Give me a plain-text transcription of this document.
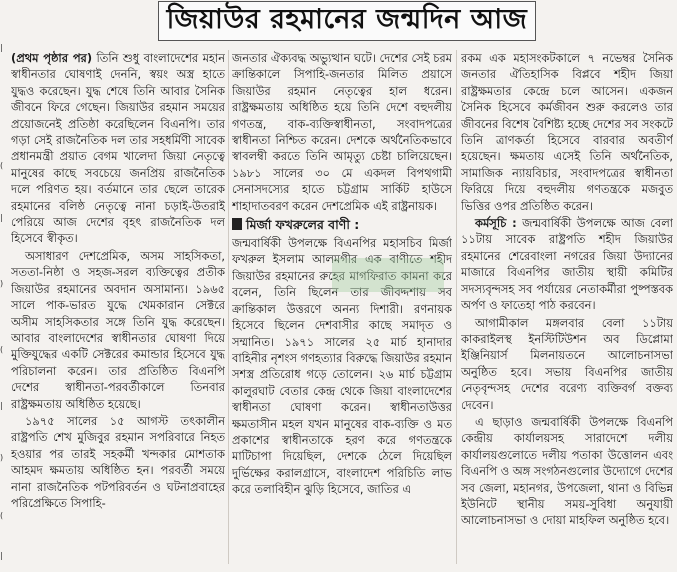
|
(
|
)
(
|
)
(
|
জিয়াউর রহমানের জন্মদিন আজ

(প্রথম পৃষ্ঠার পর) তিনি শুধু বাংলাদেশের মহান স্বাধীনতার ঘোষণাই দেননি, স্বয়ং অস্ত্র হাতে যুদ্ধও করেছেন। যুদ্ধ শেষে তিনি আবার সৈনিক জীবনে ফিরে গেছেন। জিয়াউর রহমান সময়ের প্রয়োজনেই প্রতিষ্ঠা করেছিলেন বিএনপি। তার গড়া সেই রাজনৈতিক দল তার সহধর্মিণী সাবেক প্রধানমন্ত্রী প্রয়াত বেগম খালেদা জিয়া নেতৃত্বে মানুষের কাছে সবচেয়ে জনপ্রিয় রাজনৈতিক দলে পরিণত হয়। বর্তমানে তার ছেলে তারেক রহমানের বলিষ্ঠ নেতৃত্বে নানা চড়াই-উতরাই পেরিয়ে আজ দেশের বৃহৎ রাজনৈতিক দল হিসেবে স্বীকৃত।

অসাধারণ দেশপ্রেমিক, অসম সাহসিকতা, সততা-নিষ্ঠা ও সহজ-সরল ব্যক্তিত্বের প্রতীক জিয়াউর রহমানের অবদান অসামান্য। ১৯৬৫ সালে পাক-ভারত যুদ্ধে খেমকারান সেক্টরে অসীম সাহসিকতার সঙ্গে তিনি যুদ্ধ করেছেন। আবার বাংলাদেশের স্বাধীনতার ঘোষণা দিয়ে মুক্তিযুদ্ধের একটি সেক্টরের কমান্ডার হিসেবে যুদ্ধ পরিচালনা করেন। তার প্রতিষ্ঠিত বিএনপি দেশের স্বাধীনতা-পরবর্তীকালে তিনবার রাষ্ট্রক্ষমতায় অধিষ্ঠিত হয়েছে।

১৯৭৫ সালের ১৫ আগস্ট তৎকালীন রাষ্ট্রপতি শেখ মুজিবুর রহমান সপরিবারে নিহত হওয়ার পর তারই সহকর্মী খন্দকার মোশতাক আহমদ ক্ষমতায় অধিষ্ঠিত হন। পরবর্তী সময়ে নানা রাজনৈতিক পটপরিবর্তন ও ঘটনাপ্রবাহের পরিপ্রেক্ষিতে সিপাহি-

জনতার ঐক্যবদ্ধ অভ্যুত্থান ঘটে। দেশের সেই চরম ক্রান্তিকালে সিপাহি-জনতার মিলিত প্রয়াসে জিয়াউর রহমান নেতৃত্বের হাল ধরেন। রাষ্ট্রক্ষমতায় অধিষ্ঠিত হয়ে তিনি দেশে বহুদলীয় গণতন্ত্র, বাক-ব্যক্তিস্বাধীনতা, সংবাদপত্রের স্বাধীনতা নিশ্চিত করেন। দেশকে অর্থনৈতিকভাবে স্বাবলম্বী করতে তিনি আমৃত্যু চেষ্টা চালিয়েছেন। ১৯৮১ সালের ৩০ মে একদল বিপথগামী সেনাসদস্যের হাতে চট্টগ্রাম সার্কিট হাউসে শাহাদাতবরণ করেন দেশপ্রেমিক এই রাষ্ট্রনায়ক।

মির্জা ফখরুলের বাণী :

জন্মবার্ষিকী উপলক্ষে বিএনপির মহাসচিব মির্জা ফখরুল ইসলাম আলমগীর এক বাণীতে শহীদ জিয়াউর রহমানের রুহের মাগফিরাত কামনা করে বলেন, তিনি ছিলেন তার জীবদ্দশায় সব ক্রান্তিকাল উত্তরণে অনন্য দিশারী। রণনায়ক হিসেবে ছিলেন দেশবাসীর কাছে সমাদৃত ও সম্মানিত। ১৯৭১ সালের ২৫ মার্চ হানাদার বাহিনীর নৃশংস গণহত্যার বিরুদ্ধে জিয়াউর রহমান সশস্ত্র প্রতিরোধ গড়ে তোলেন। ২৬ মার্চ চট্টগ্রাম কালুরঘাট বেতার কেন্দ্র থেকে জিয়া বাংলাদেশের স্বাধীনতা ঘোষণা করেন। স্বাধীনতাউত্তর ক্ষমতাসীন মহল যখন মানুষের বাক-ব্যক্তি ও মত প্রকাশের স্বাধীনতাকে হরণ করে গণতন্ত্রকে মাটিচাপা দিয়েছিল, দেশকে ঠেলে দিয়েছিল দুর্ভিক্ষের করালগ্রাসে, বাংলাদেশ পরিচিতি লাভ করে তলাবিহীন ঝুড়ি হিসেবে, জাতির এ

রকম এক মহাসংকটকালে ৭ নভেম্বর সৈনিক জনতার ঐতিহাসিক বিপ্লবে শহীদ জিয়া রাষ্ট্রক্ষমতার কেন্দ্রে চলে আসেন। একজন সৈনিক হিসেবে কর্মজীবন শুরু করলেও তার জীবনের বিশেষ বৈশিষ্ট্য হচ্ছে দেশের সব সংকটে তিনি ত্রাণকর্তা হিসেবে বারবার অবতীর্ণ হয়েছেন। ক্ষমতায় এসেই তিনি অর্থনৈতিক, সামাজিক ন্যায়বিচার, সংবাদপত্রের স্বাধীনতা ফিরিয়ে দিয়ে বহুদলীয় গণতন্ত্রকে মজবুত ভিত্তির ওপর প্রতিষ্ঠিত করেন।

কর্মসূচি : জন্মবার্ষিকী উপলক্ষে আজ বেলা ১১টায় সাবেক রাষ্ট্রপতি শহীদ জিয়াউর রহমানের শেরেবাংলা নগরের জিয়া উদ্যানের মাজারে বিএনপির জাতীয় স্থায়ী কমিটির সদস্যবৃন্দসহ সব পর্যায়ের নেতাকর্মীরা পুষ্পস্তবক অর্পণ ও ফাতেহা পাঠ করবেন।

আগামীকাল মঙ্গলবার বেলা ১১টায় কাকরাইলস্থ ইনস্টিটিউশন অব ডিপ্লোমা ইঞ্জিনিয়ার্স মিলনায়তনে আলোচনাসভা অনুষ্ঠিত হবে। সভায় বিএনপির জাতীয় নেতৃবৃন্দসহ দেশের বরেণ্য ব্যক্তিবর্গ বক্তব্য দেবেন।

এ ছাড়াও জন্মবার্ষিকী উপলক্ষে বিএনপি কেন্দ্রীয় কার্যালয়সহ সারাদেশে দলীয় কার্যালয়গুলোতে দলীয় পতাকা উত্তোলন এবং বিএনপি ও অঙ্গ সংগঠনগুলোর উদ্যোগে দেশের সব জেলা, মহানগর, উপজেলা, থানা ও বিভিন্ন ইউনিটে স্থানীয় সময়-সুবিধা অনুযায়ী আলোচনাসভা ও দোয়া মাহফিল অনুষ্ঠিত হবে।
